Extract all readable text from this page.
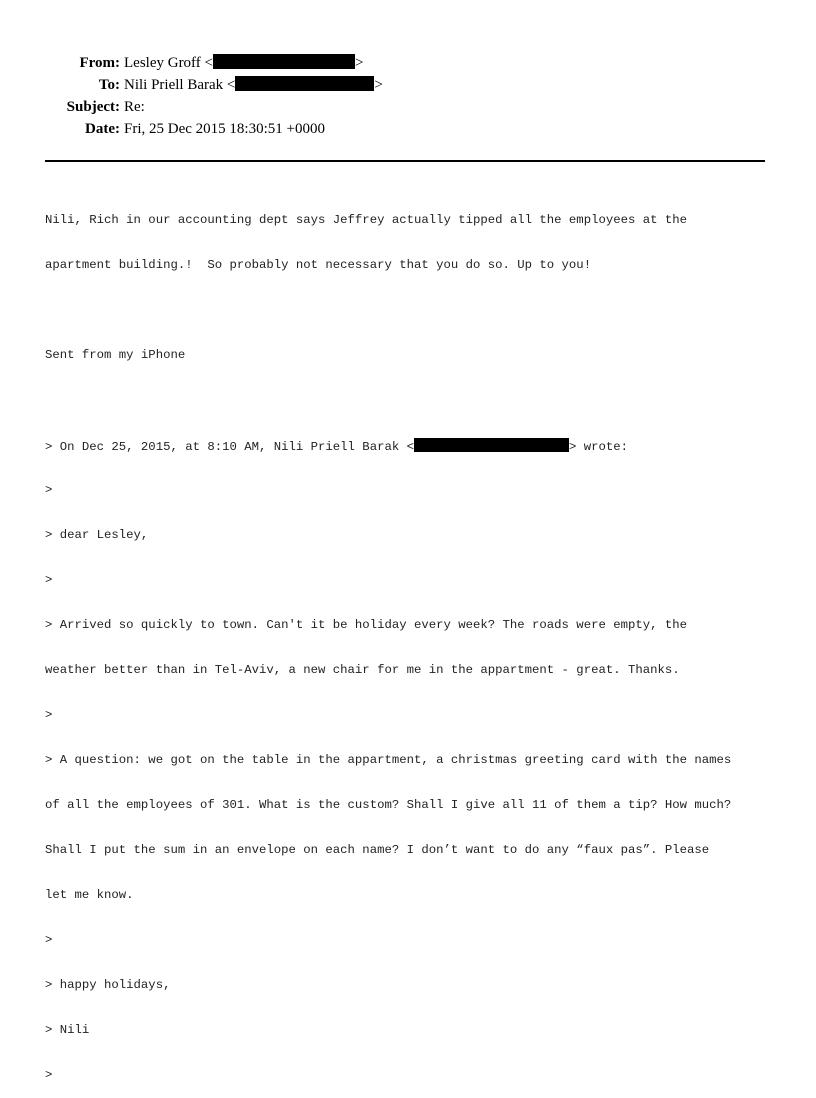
From: Lesley Groff <	>
To: Nili Priell Barak <	>
Subject: Re:
Date: Fri, 25 Dec 2015 18:30:51 +0000

Nili, Rich in our accounting dept says Jeffrey actually tipped all the employees at the

apartment building.!  So probably not necessary that you do so. Up to you!

Sent from my iPhone

> On Dec 25, 2015, at 8:10 AM, Nili Priell Barak <	> wrote:

>

> dear Lesley,

>

> Arrived so quickly to town. Can't it be holiday every week? The roads were empty, the

weather better than in Tel-Aviv, a new chair for me in the appartment - great. Thanks.

>

> A question: we got on the table in the appartment, a christmas greeting card with the names

of all the employees of 301. What is the custom? Shall I give all 11 of them a tip? How much?

Shall I put the sum in an envelope on each name? I don’t want to do any “faux pas”. Please

let me know.

>

> happy holidays,

> Nili

>
